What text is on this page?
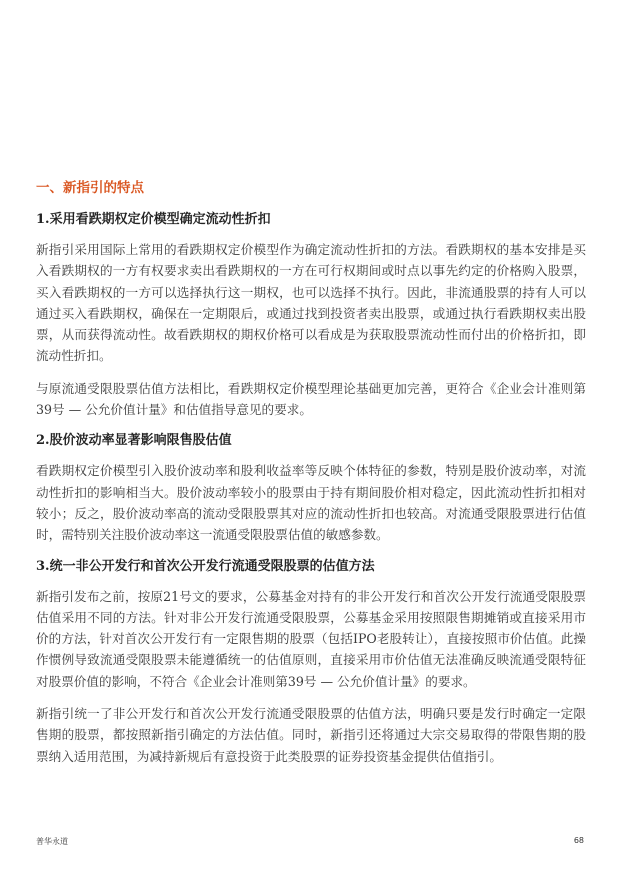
一、新指引的特点
1.采用看跌期权定价模型确定流动性折扣

新指引采用国际上常用的看跌期权定价模型作为确定流动性折扣的方法。看跌期权的基本安排是买入看跌期权的一方有权要求卖出看跌期权的一方在可行权期间或时点以事先约定的价格购入股票，买入看跌期权的一方可以选择执行这一期权，也可以选择不执行。因此，非流通股票的持有人可以通过买入看跌期权，确保在一定期限后，或通过找到投资者卖出股票，或通过执行看跌期权卖出股票，从而获得流动性。故看跌期权的期权价格可以看成是为获取股票流动性而付出的价格折扣，即流动性折扣。

与原流通受限股票估值方法相比，看跌期权定价模型理论基础更加完善，更符合《企业会计准则第39号 — 公允价值计量》和估值指导意见的要求。

2.股价波动率显著影响限售股估值

看跌期权定价模型引入股价波动率和股利收益率等反映个体特征的参数，特别是股价波动率，对流动性折扣的影响相当大。股价波动率较小的股票由于持有期间股价相对稳定，因此流动性折扣相对较小；反之，股价波动率高的流动受限股票其对应的流动性折扣也较高。对流通受限股票进行估值时，需特别关注股价波动率这一流通受限股票估值的敏感参数。

3.统一非公开发行和首次公开发行流通受限股票的估值方法

新指引发布之前，按原21号文的要求，公募基金对持有的非公开发行和首次公开发行流通受限股票估值采用不同的方法。针对非公开发行流通受限股票，公募基金采用按照限售期摊销或直接采用市价的方法，针对首次公开发行有一定限售期的股票（包括IPO老股转让），直接按照市价估值。此操作惯例导致流通受限股票未能遵循统一的估值原则，直接采用市价估值无法准确反映流通受限特征对股票价值的影响，不符合《企业会计准则第39号 — 公允价值计量》的要求。

新指引统一了非公开发行和首次公开发行流通受限股票的估值方法，明确只要是发行时确定一定限售期的股票，都按照新指引确定的方法估值。同时，新指引还将通过大宗交易取得的带限售期的股票纳入适用范围，为减持新规后有意投资于此类股票的证券投资基金提供估值指引。

普华永道	68
